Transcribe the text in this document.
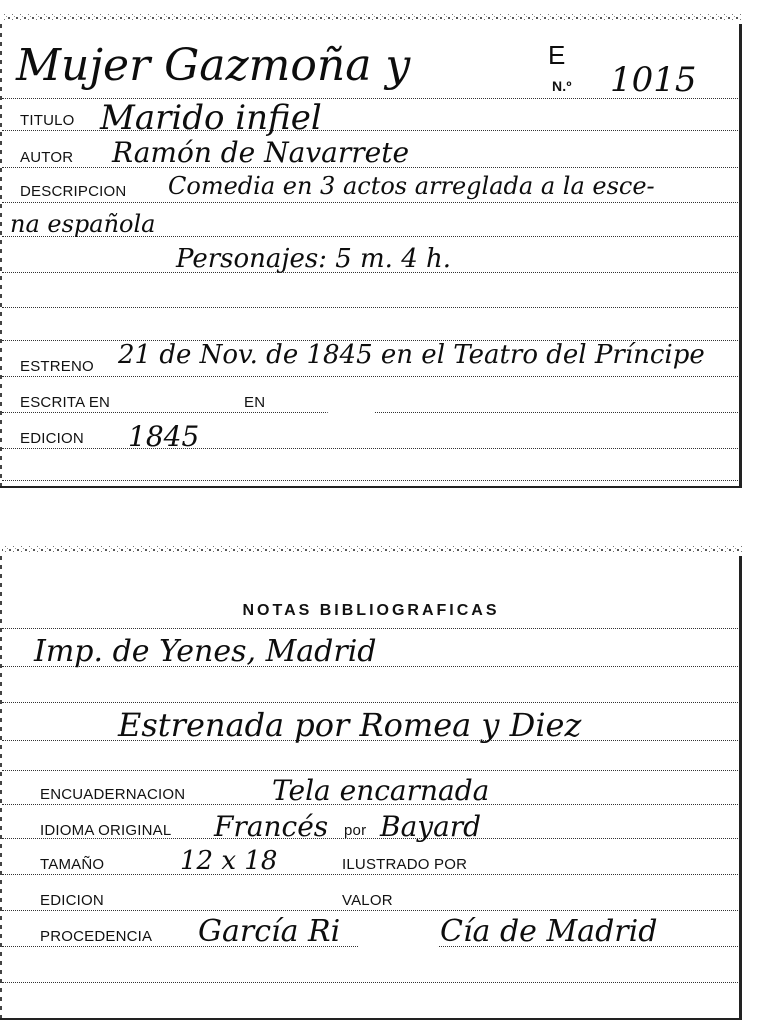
Mujer Gazmoña y	E
N.º 1015
TITULO Marido infiel
AUTOR Ramón de Navarrete
DESCRIPCION Comedia en 3 actos arreglada a la esce-
na española
Personajes: 5 m. 4 h.
ESTRENO 21 de Nov. de 1845 en el Teatro del Príncipe
ESCRITA EN	EN
EDICION 1845
NOTAS BIBLIOGRAFICAS
Imp. de Yenes, Madrid
Estrenada por Romea y Diez
ENCUADERNACION	Tela encarnada
IDIOMA ORIGINAL Francés por Bayard
TAMAÑO	12 x 18	ILUSTRADO POR
EDICION	VALOR
PROCEDENCIA García Ri	Cía de Madrid
